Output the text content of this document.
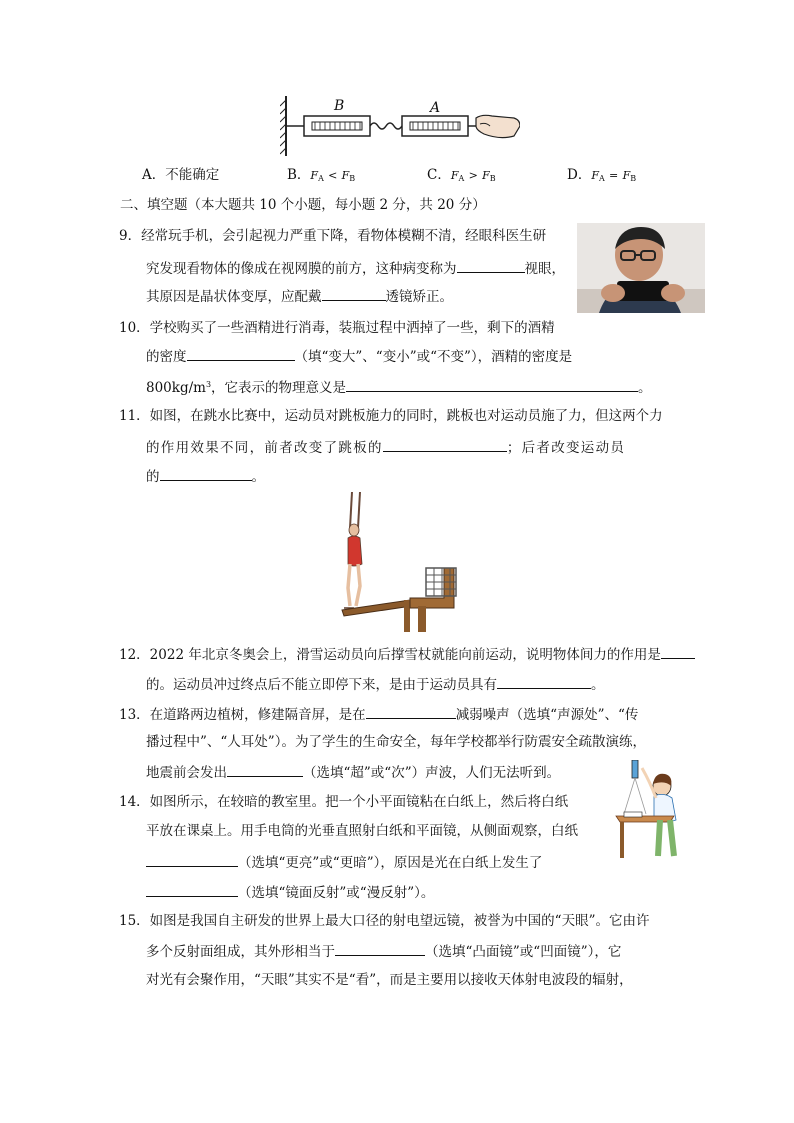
B	A
A．不能确定	B．$F_A < F_B$	C．$F_A > F_B$	D．$F_A = F_B$
二、填空题（本大题共 10 个小题，每小题 2 分，共 20 分）
9．经常玩手机，会引起视力严重下降，看物体模糊不清，经眼科医生研
究发现看物体的像成在视网膜的前方，这种病变称为	视眼，
其原因是晶状体变厚，应配戴	透镜矫正。
10．学校购买了一些酒精进行消毒，装瓶过程中洒掉了一些，剩下的酒精
的密度	（填“变大”、“变小”或“不变”），酒精的密度是
$800kg/m^3$，它表示的物理意义是	。
11．如图，在跳水比赛中，运动员对跳板施力的同时，跳板也对运动员施了力，但这两个力
的作用效果不同，前者改变了跳板的	；后者改变运动员
的	。
12．2022 年北京冬奥会上，滑雪运动员向后撑雪杖就能向前运动，说明物体间力的作用是
的。运动员冲过终点后不能立即停下来，是由于运动员具有	。
13．在道路两边植树，修建隔音屏，是在	减弱噪声（选填“声源处”、“传
播过程中”、“人耳处”）。为了学生的生命安全，每年学校都举行防震安全疏散演练，
地震前会发出	（选填“超”或“次”）声波，人们无法听到。
14．如图所示，在较暗的教室里。把一个小平面镜粘在白纸上，然后将白纸
平放在课桌上。用手电筒的光垂直照射白纸和平面镜，从侧面观察，白纸
（选填“更亮”或“更暗”），原因是光在白纸上发生了
（选填“镜面反射”或“漫反射”）。
15．如图是我国自主研发的世界上最大口径的射电望远镜，被誉为中国的“天眼”。它由许
多个反射面组成，其外形相当于	（选填“凸面镜”或“凹面镜”），它
对光有会聚作用，“天眼”其实不是“看”，而是主要用以接收天体射电波段的辐射，
